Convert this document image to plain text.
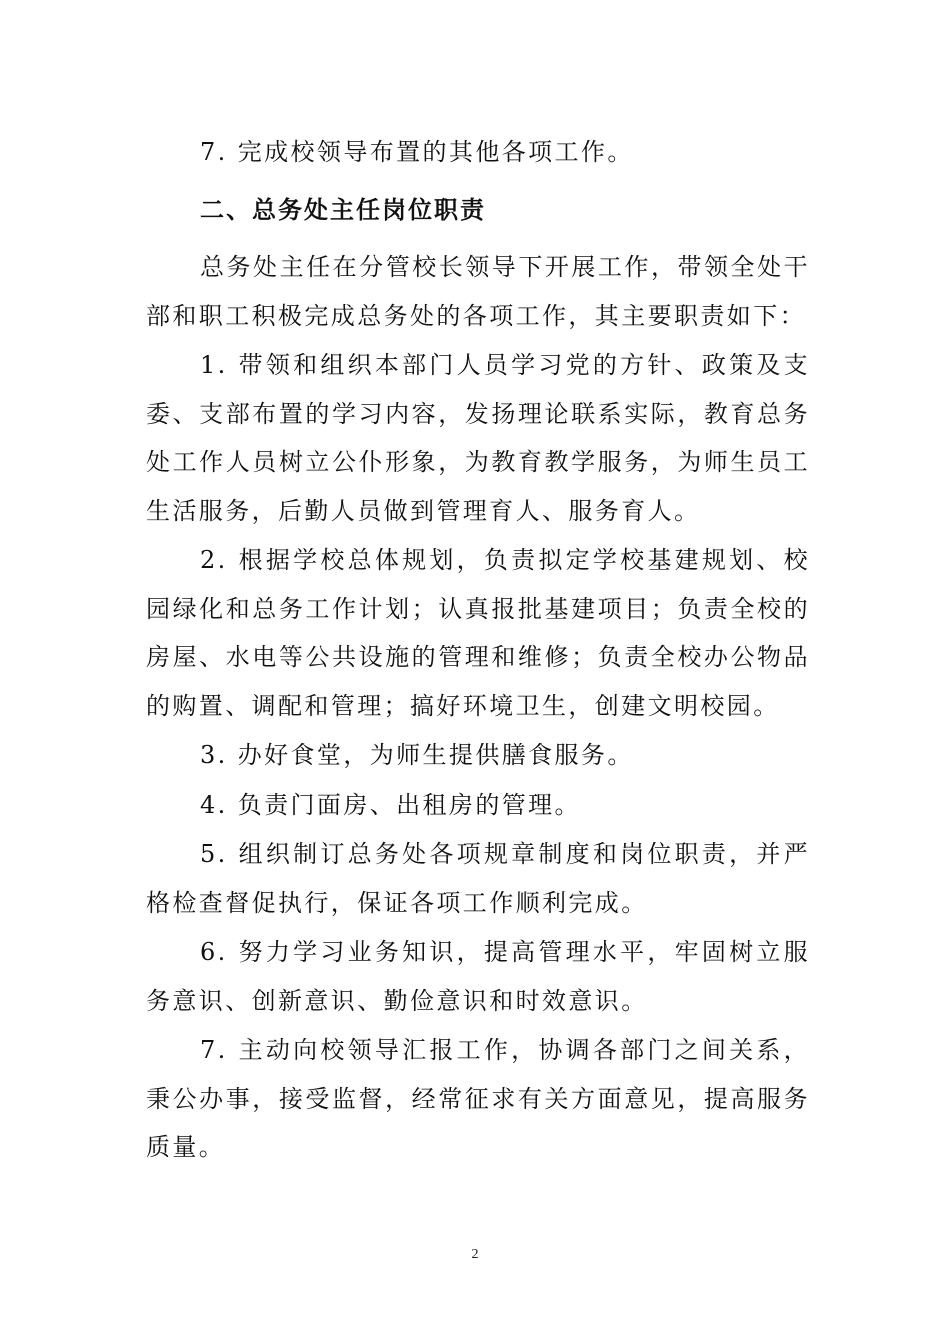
7. 完成校领导布置的其他各项工作。

二、总务处主任岗位职责

总务处主任在分管校长领导下开展工作，带领全处干部和职工积极完成总务处的各项工作，其主要职责如下：

1. 带领和组织本部门人员学习党的方针、政策及支委、支部布置的学习内容，发扬理论联系实际，教育总务处工作人员树立公仆形象，为教育教学服务，为师生员工生活服务，后勤人员做到管理育人、服务育人。

2. 根据学校总体规划，负责拟定学校基建规划、校园绿化和总务工作计划；认真报批基建项目；负责全校的房屋、水电等公共设施的管理和维修；负责全校办公物品的购置、调配和管理；搞好环境卫生，创建文明校园。

3. 办好食堂，为师生提供膳食服务。

4. 负责门面房、出租房的管理。

5. 组织制订总务处各项规章制度和岗位职责，并严格检查督促执行，保证各项工作顺利完成。

6. 努力学习业务知识，提高管理水平，牢固树立服务意识、创新意识、勤俭意识和时效意识。

7. 主动向校领导汇报工作，协调各部门之间关系，秉公办事，接受监督，经常征求有关方面意见，提高服务质量。

2
